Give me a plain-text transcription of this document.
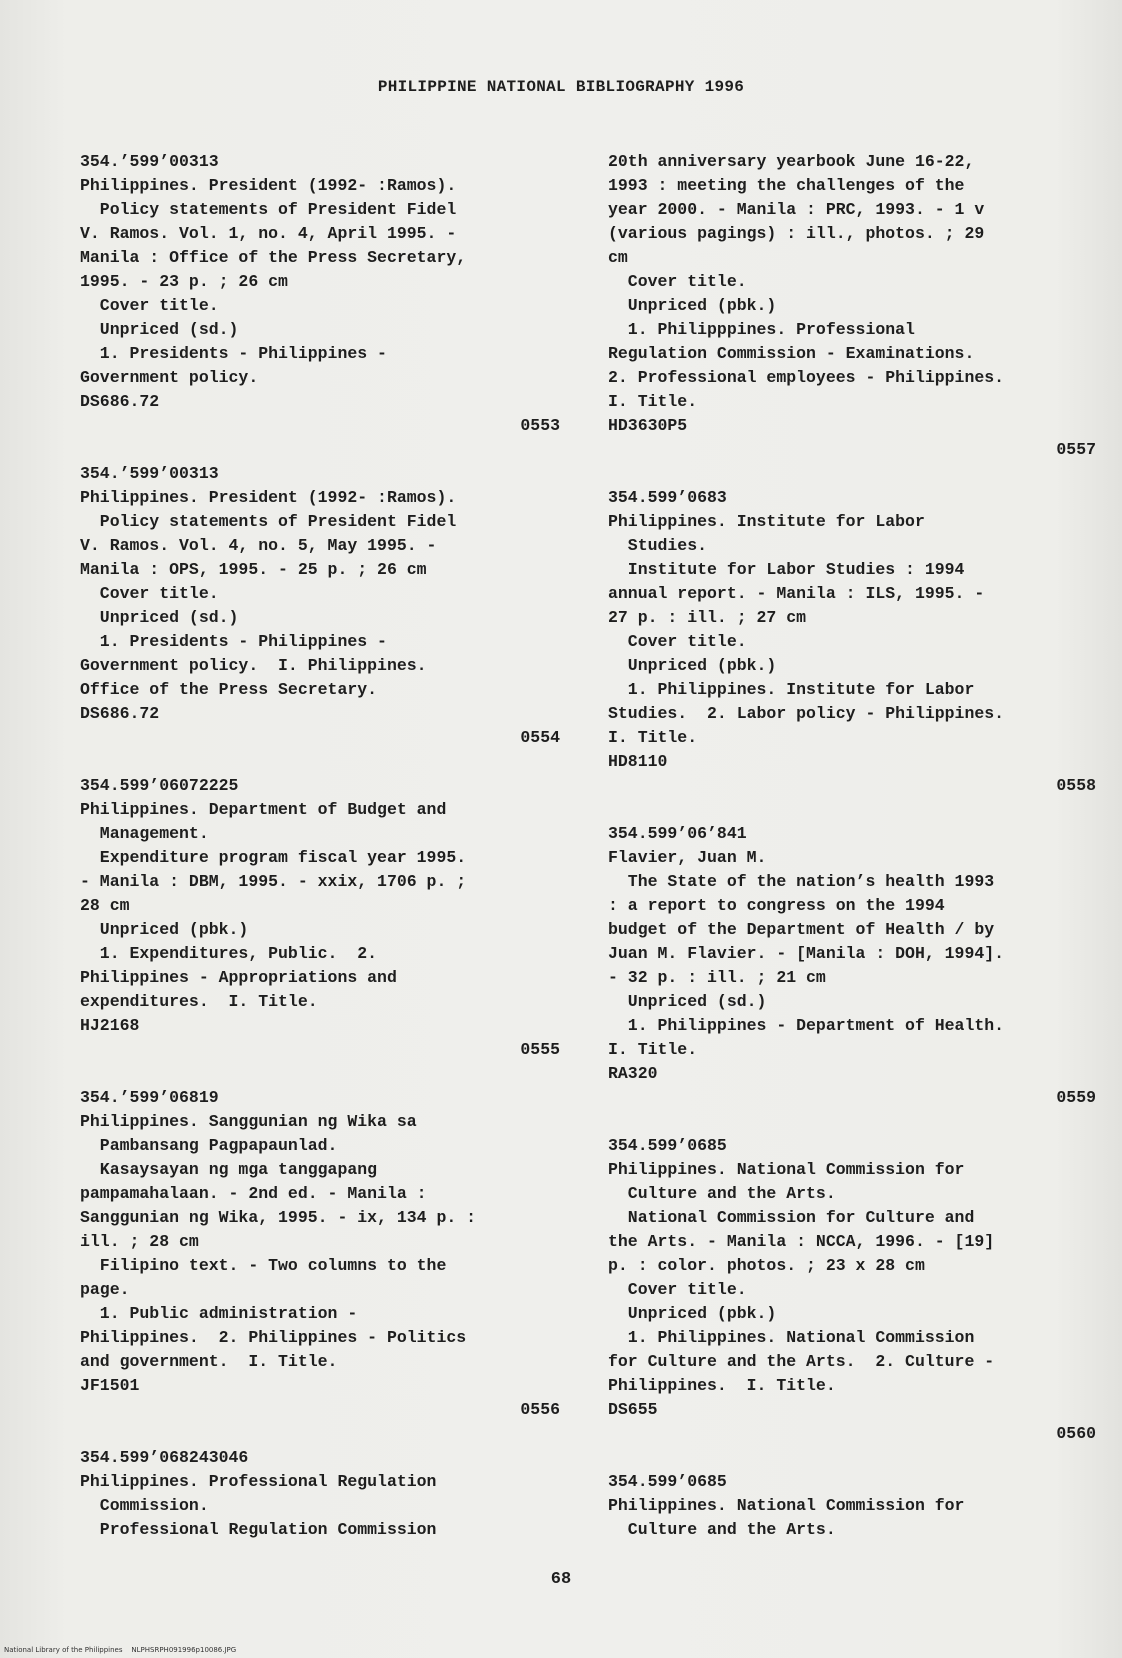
PHILIPPINE NATIONAL BIBLIOGRAPHY 1996
354.’599’00313
Philippines. President (1992- :Ramos).
Policy statements of President Fidel
V. Ramos. Vol. 1, no. 4, April 1995. -
Manila : Office of the Press Secretary,
1995. - 23 p. ; 26 cm
Cover title.
Unpriced (sd.)
1. Presidents - Philippines -
Government policy.
DS686.72
0553
354.’599’00313
Philippines. President (1992- :Ramos).
Policy statements of President Fidel
V. Ramos. Vol. 4, no. 5, May 1995. -
Manila : OPS, 1995. - 25 p. ; 26 cm
Cover title.
Unpriced (sd.)
1. Presidents - Philippines -
Government policy.  I. Philippines.
Office of the Press Secretary.
DS686.72
0554
354.599’06072225
Philippines. Department of Budget and
Management.
Expenditure program fiscal year 1995.
- Manila : DBM, 1995. - xxix, 1706 p. ;
28 cm
Unpriced (pbk.)
1. Expenditures, Public.  2.
Philippines - Appropriations and
expenditures.  I. Title.
HJ2168
0555
354.’599’06819
Philippines. Sanggunian ng Wika sa
Pambansang Pagpapaunlad.
Kasaysayan ng mga tanggapang
pampamahalaan. - 2nd ed. - Manila :
Sanggunian ng Wika, 1995. - ix, 134 p. :
ill. ; 28 cm
Filipino text. - Two columns to the
page.
1. Public administration -
Philippines.  2. Philippines - Politics
and government.  I. Title.
JF1501
0556
354.599’068243046
Philippines. Professional Regulation
Commission.
Professional Regulation Commission
20th anniversary yearbook June 16-22,
1993 : meeting the challenges of the
year 2000. - Manila : PRC, 1993. - 1 v
(various pagings) : ill., photos. ; 29
cm
Cover title.
Unpriced (pbk.)
1. Philipppines. Professional
Regulation Commission - Examinations.
2. Professional employees - Philippines.
I. Title.
HD3630P5
0557
354.599’0683
Philippines. Institute for Labor
Studies.
Institute for Labor Studies : 1994
annual report. - Manila : ILS, 1995. -
27 p. : ill. ; 27 cm
Cover title.
Unpriced (pbk.)
1. Philippines. Institute for Labor
Studies.  2. Labor policy - Philippines.
I. Title.
HD8110
0558
354.599’06’841
Flavier, Juan M.
The State of the nation’s health 1993
: a report to congress on the 1994
budget of the Department of Health / by
Juan M. Flavier. - [Manila : DOH, 1994].
- 32 p. : ill. ; 21 cm
Unpriced (sd.)
1. Philippines - Department of Health.
I. Title.
RA320
0559
354.599’0685
Philippines. National Commission for
Culture and the Arts.
National Commission for Culture and
the Arts. - Manila : NCCA, 1996. - [19]
p. : color. photos. ; 23 x 28 cm
Cover title.
Unpriced (pbk.)
1. Philippines. National Commission
for Culture and the Arts.  2. Culture -
Philippines.  I. Title.
DS655
0560
354.599’0685
Philippines. National Commission for
Culture and the Arts.
68
National Library of the Philippines NLPHSRPH091996p10086.JPG
